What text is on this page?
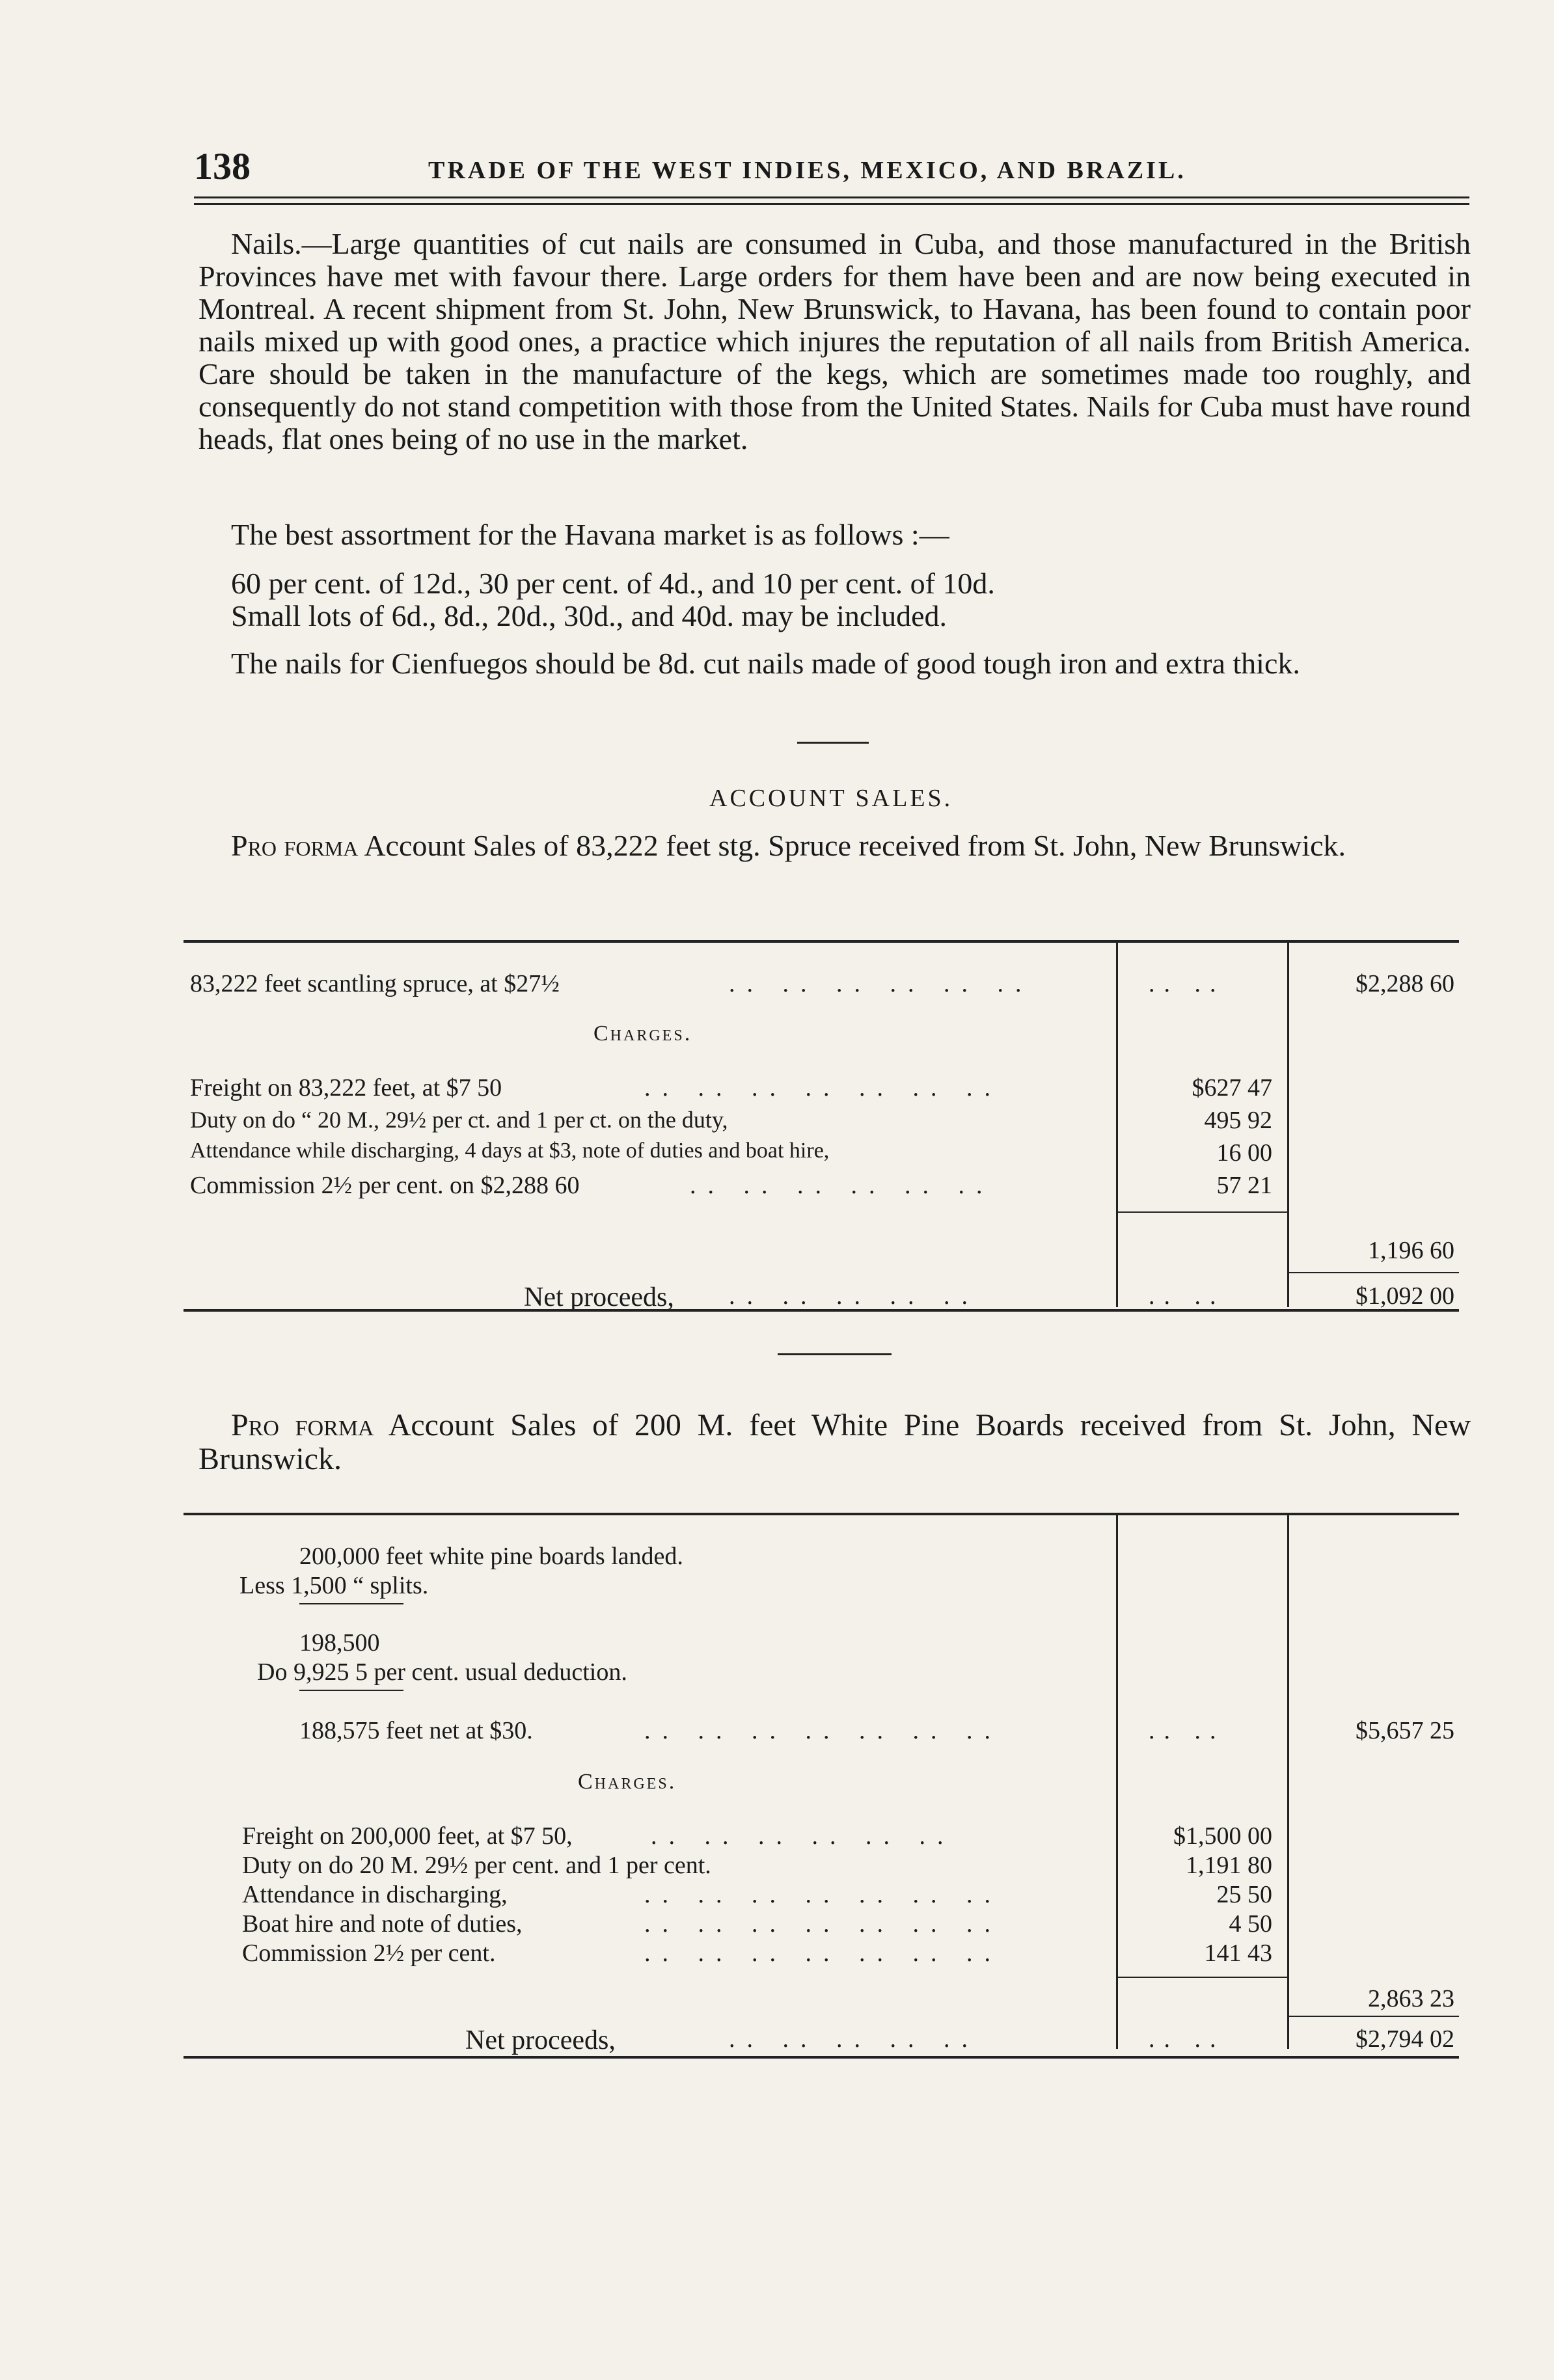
138	TRADE OF THE WEST INDIES, MEXICO, AND BRAZIL.

Nails.—Large quantities of cut nails are consumed in Cuba, and those manufactured in the British Provinces have met with favour there. Large orders for them have been and are now being executed in Montreal. A recent shipment from St. John, New Brunswick, to Havana, has been found to contain poor nails mixed up with good ones, a practice which injures the reputation of all nails from British America. Care should be taken in the manufacture of the kegs, which are sometimes made too roughly, and consequently do not stand competition with those from the United States. Nails for Cuba must have round heads, flat ones being of no use in the market.

The best assortment for the Havana market is as follows :—
60 per cent. of 12d., 30 per cent. of 4d., and 10 per cent. of 10d.
Small lots of 6d., 8d., 20d., 30d., and 40d. may be included.

The nails for Cienfuegos should be 8d. cut nails made of good tough iron and extra thick.

ACCOUNT SALES.

Pro forma Account Sales of 83,222 feet stg. Spruce received from St. John, New Brunswick.

83,222 feet scantling spruce, at $27½	.. .. .. .. .. ..	.. ..	$2,288 60
Charges.
Freight on 83,222 feet, at $7 50	.. .. .. .. .. .. ..	$627 47
Duty on do “ 20 M., 29½ per ct. and 1 per ct. on the duty,	495 92
Attendance while discharging, 4 days at $3, note of duties and boat hire,	16 00
Commission 2½ per cent. on $2,288 60	.. .. .. .. .. ..	57 21
1,196 60
Net proceeds, .. .. .. .. ..	.. ..	$1,092 00

Pro forma Account Sales of 200 M. feet White Pine Boards received from St. John, New Brunswick.

200,000 feet white pine boards landed.
Less 1,500 “ splits.
198,500
Do 9,925 5 per cent. usual deduction.
188,575 feet net at $30.	.. .. .. .. .. .. ..	.. ..	$5,657 25
Charges.
Freight on 200,000 feet, at $7 50,	.. .. .. .. .. ..	$1,500 00
Duty on do 20 M. 29½ per cent. and 1 per cent.	1,191 80
Attendance in discharging,	.. .. .. .. .. .. ..	25 50
Boat hire and note of duties,	.. .. .. .. .. .. ..	4 50
Commission 2½ per cent.	.. .. .. .. .. .. ..	141 43
2,863 23
Net proceeds,	.. .. .. .. ..	.. ..	$2,794 02
